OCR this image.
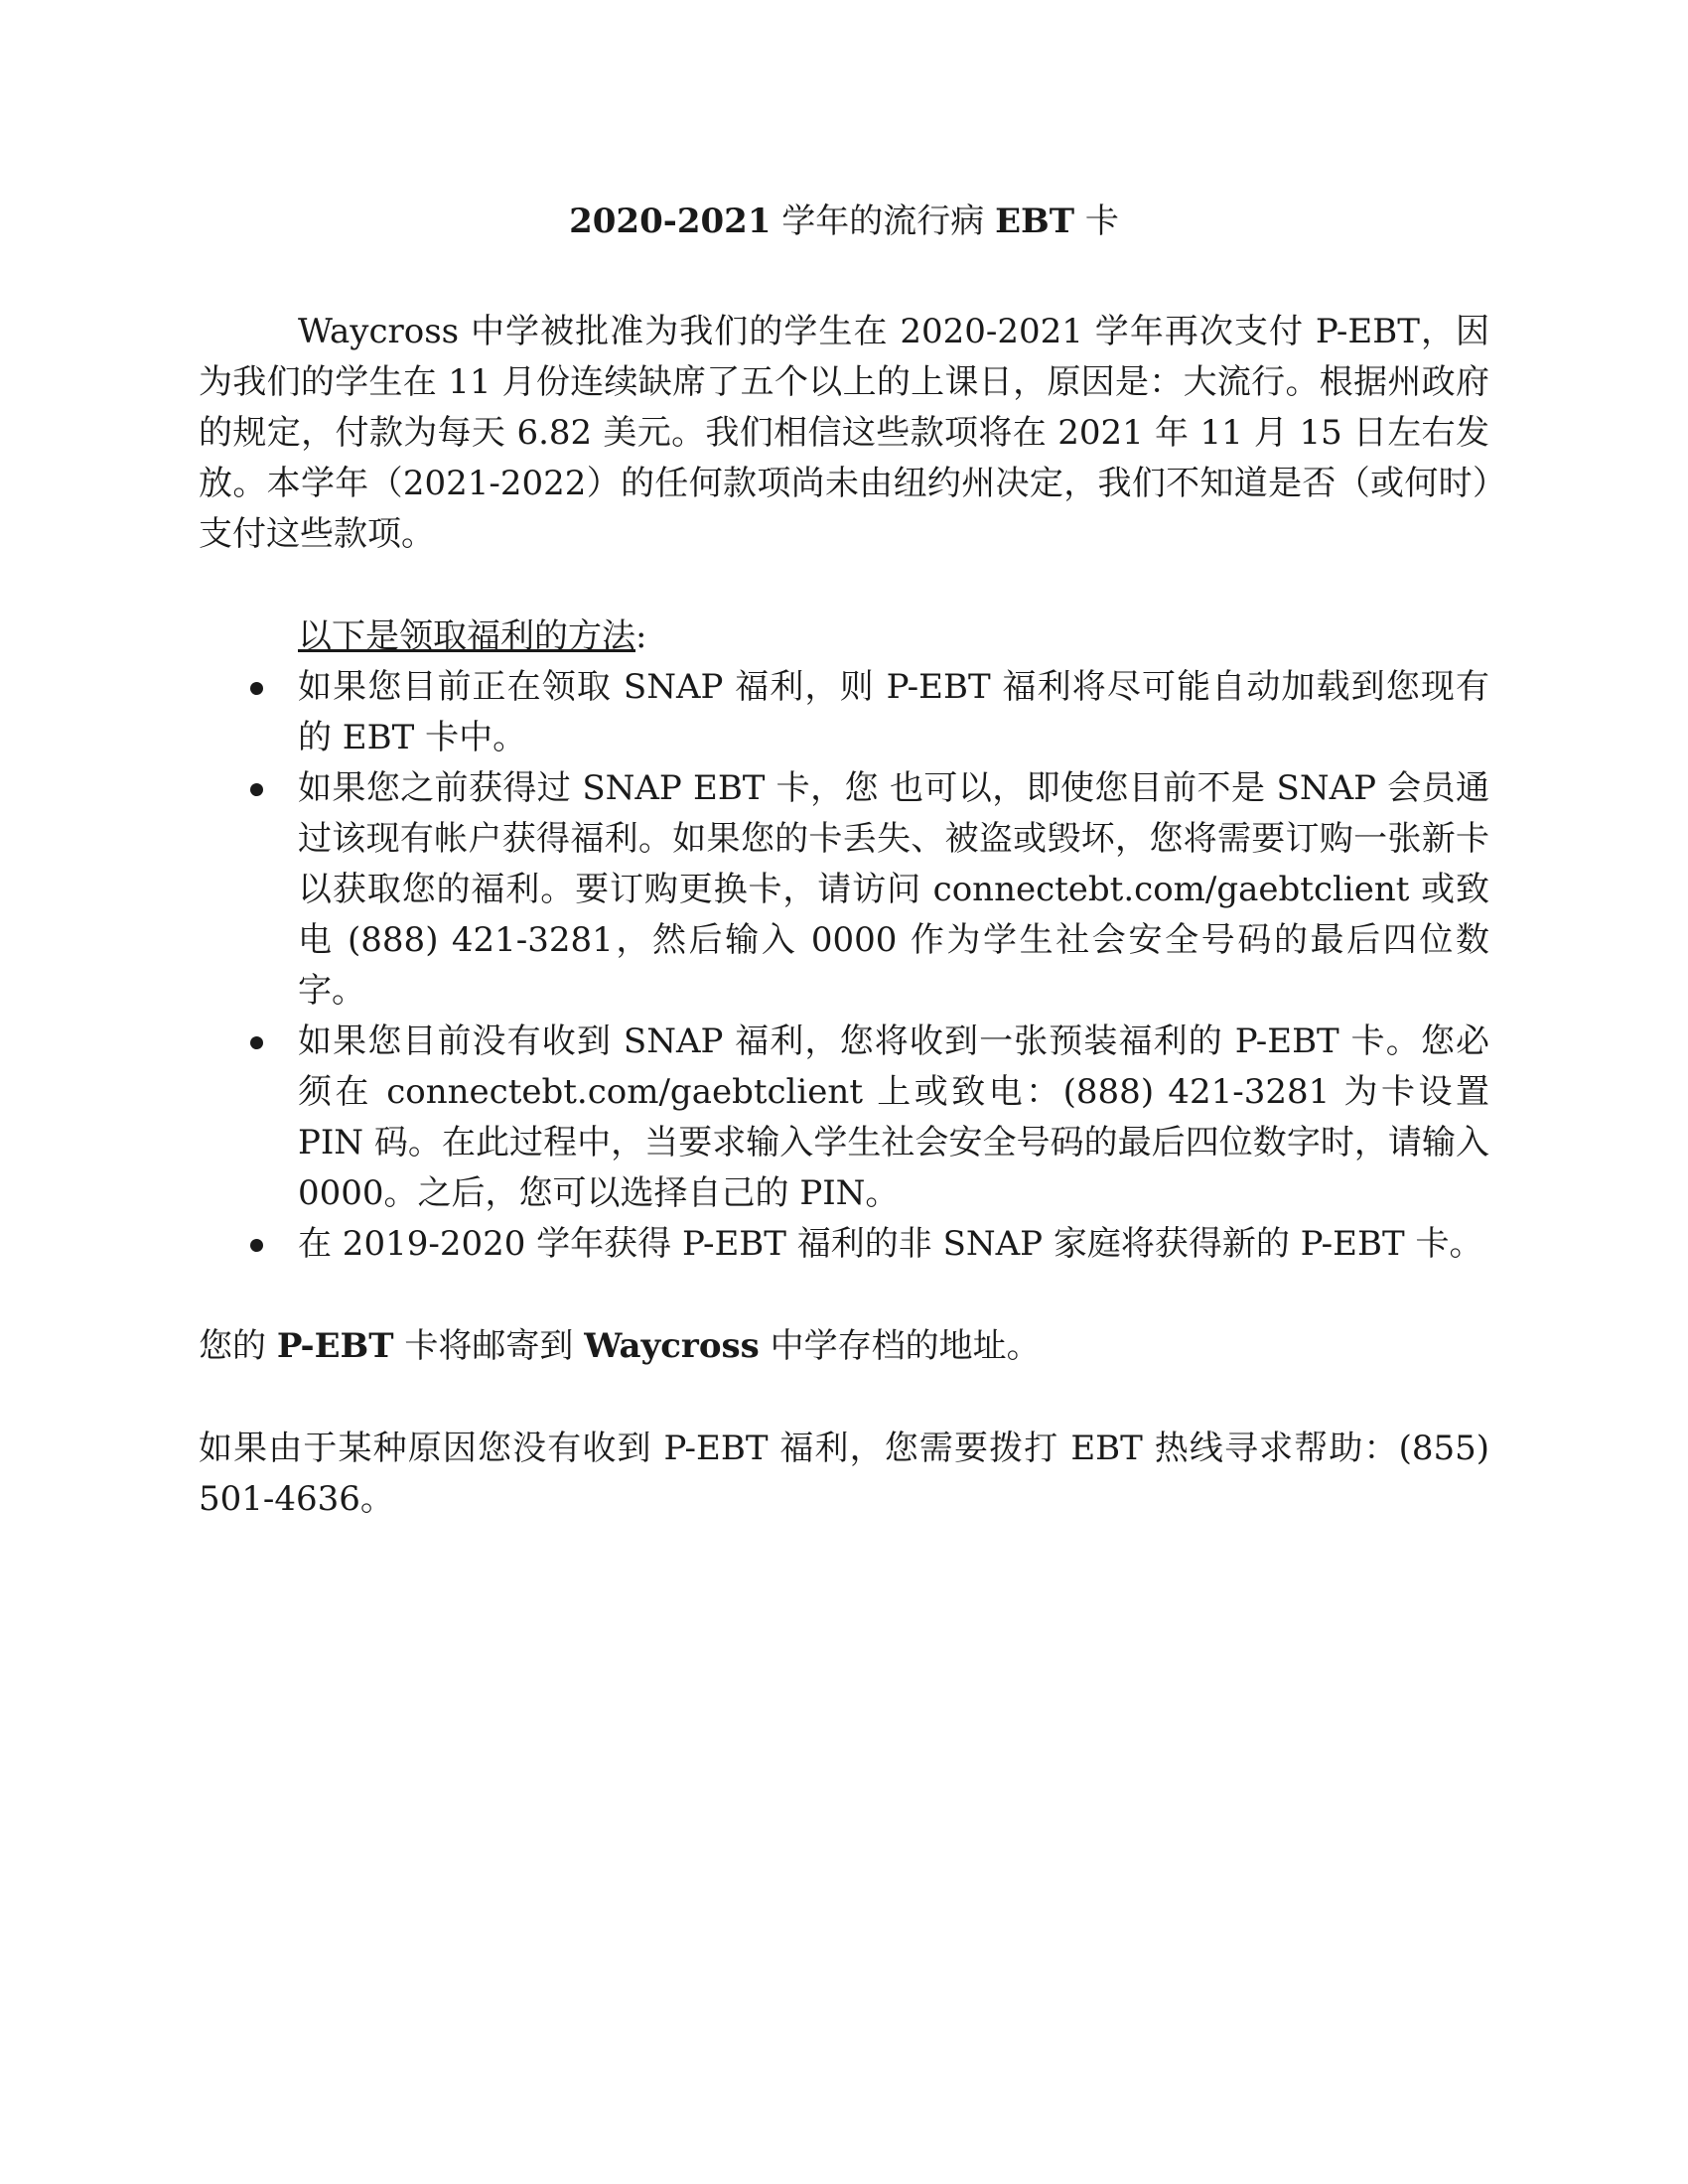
2020-2021 学年的流行病 EBT 卡

Waycross 中学被批准为我们的学生在 2020-2021 学年再次支付 P-EBT，因为我们的学生在 11 月份连续缺席了五个以上的上课日，原因是：大流行。根据州政府的规定，付款为每天 6.82 美元。我们相信这些款项将在 2021 年 11 月 15 日左右发放。本学年（2021-2022）的任何款项尚未由纽约州决定，我们不知道是否（或何时）支付这些款项。

以下是领取福利的方法:
如果您目前正在领取 SNAP 福利，则 P-EBT 福利将尽可能自动加载到您现有的 EBT 卡中。
如果您之前获得过 SNAP EBT 卡，您 也可以，即使您目前不是 SNAP 会员通过该现有帐户获得福利。如果您的卡丢失、被盗或毁坏，您将需要订购一张新卡以获取您的福利。要订购更换卡，请访问 connectebt.com/gaebtclient 或致电 (888) 421-3281，然后输入 0000 作为学生社会安全号码的最后四位数字。
如果您目前没有收到 SNAP 福利，您将收到一张预装福利的 P-EBT 卡。您必须在 connectebt.com/gaebtclient 上或致电：(888) 421-3281 为卡设置 PIN 码。在此过程中，当要求输入学生社会安全号码的最后四位数字时，请输入 0000。之后，您可以选择自己的 PIN。
在 2019-2020 学年获得 P-EBT 福利的非 SNAP 家庭将获得新的 P-EBT 卡。

您的 P-EBT 卡将邮寄到 Waycross 中学存档的地址。

如果由于某种原因您没有收到 P-EBT 福利，您需要拨打 EBT 热线寻求帮助：(855) 501-4636。
